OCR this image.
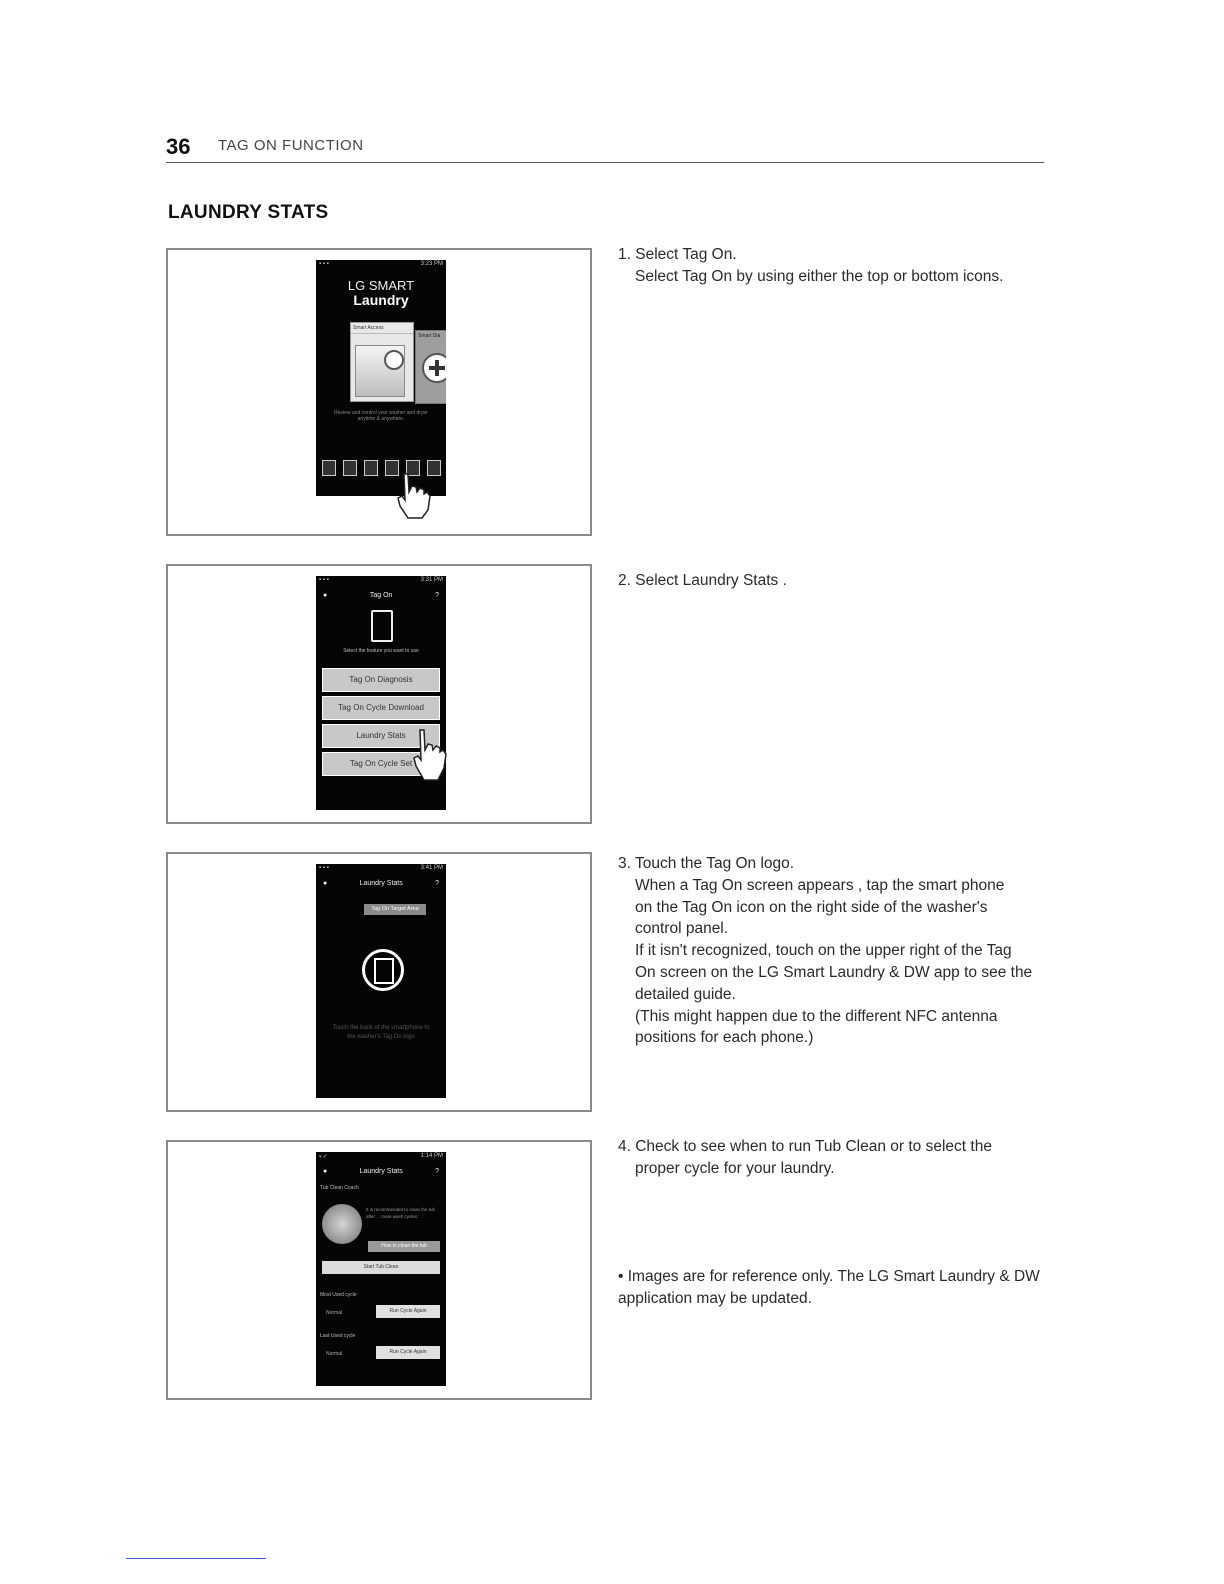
36 TAG ON FUNCTION
LAUNDRY STATS
▪ ▪ ▪	3:23 PM
LG SMART
Laundry
Smart Access
Smart Dia
Review and control your washer and dryer anytime & anywhere.
▪ ▪ ▪	3:31 PM
●	Tag On	?
Select the feature you want to use
Tag On Diagnosis
Tag On Cycle Download
Laundry Stats
Tag On Cycle Set
▪ ▪ ▪	3:41 PM
●	Laundry Stats	?
Tag On Target Area
Touch the back of the smartphone to the washer's Tag On logo
▪ ✓	1:14 PM
●	Laundry Stats	?
Tub Clean Coach
It is recommended to clean the tub after ... more wash cycles.
How to clean the tub
Start Tub Clean
Most Used cycle
Normal	Run Cycle Again
Last Used cycle
Normal	Run Cycle Again

1. Select Tag On.

Select Tag On by using either the top or bottom icons.

2. Select Laundry Stats .

3. Touch the Tag On logo.

When a Tag On screen appears , tap the smart phone on the Tag On icon on the right side of the washer's control panel.

If it isn't recognized, touch on the upper right of the Tag On screen on the LG Smart Laundry & DW app to see the detailed guide.

(This might happen due to the different NFC antenna positions for each phone.)

4. Check to see when to run Tub Clean or to select the

proper cycle for your laundry.

• Images are for reference only. The LG Smart Laundry & DW application may be updated.
